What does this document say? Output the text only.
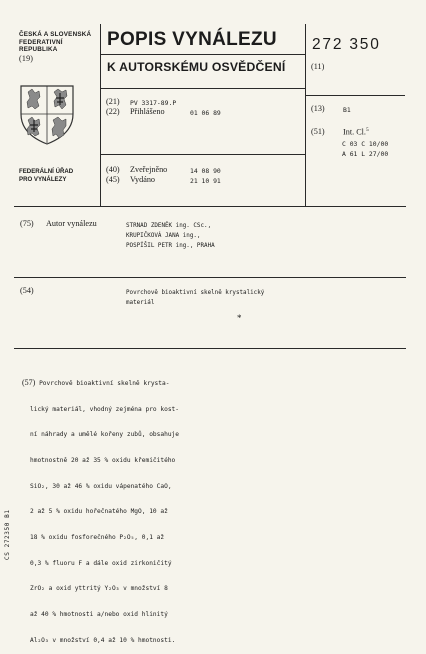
ČESKÁ A SLOVENSKÁ
FEDERATIVNÍ
REPUBLIKA
(19)
FEDERÁLNÍ ÚŘAD
PRO VYNÁLEZY
POPIS VYNÁLEZU
K AUTORSKÉMU OSVĚDČENÍ
272 350
(11)
(13)	B1
(51) Int. Cl.$^5$
C 03 C 10/00
A 61 L 27/00
(21) PV 3317-89.P
(22) Přihlášeno	01 06 89
(40) Zveřejněno	14 08 90
(45) Vydáno	21 10 91
(75) Autor vynálezu	STRNAD ZDENĚK ing. CSc.,
KRUPIČKOVÁ JANA ing.,
POSPÍŠIL PETR ing., PRAHA
(54)	Povrchově bioaktivní skelně krystalický
materiál
*

(57) Povrchově bioaktivní skelně krysta-

lický materiál, vhodný zejména pro kost-

ní náhrady a umělé kořeny zubů, obsahuje

hmotnostně 20 až 35 % oxidu křemičitého

SiO₂, 30 až 46 % oxidu vápenatého CaO,

2 až 5 % oxidu hořečnatého MgO, 10 až

18 % oxidu fosforečného P₂O₅, 0,1 až

0,3 % fluoru F a dále oxid zirkoničitý

ZrO₂ a oxid yttritý Y₂O₃ v množství 8

až 40 % hmotnosti a/nebo oxid hlinitý

Al₂O₃ v množství 0,4 až 10 % hmotnosti.

CS 272350 B1
